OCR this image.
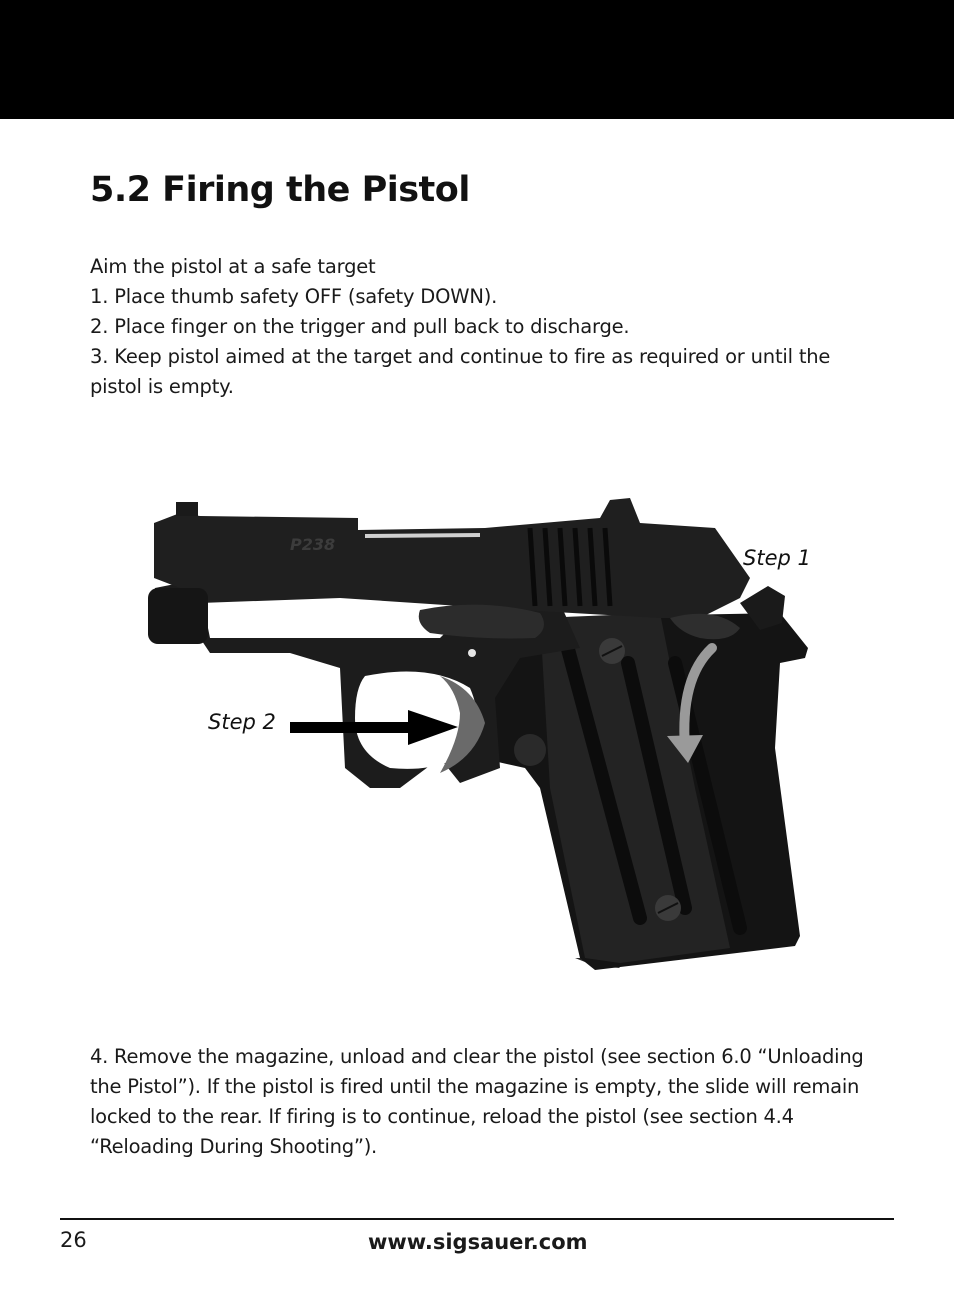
5.2 Firing the Pistol

Aim the pistol at a safe target

1. Place thumb safety OFF (safety DOWN).

2. Place finger on the trigger and pull back to discharge.

3. Keep pistol aimed at the target and continue to fire as required or until the pistol is empty.

P238
Step 1
Step 2

4. Remove the magazine, unload and clear the pistol (see section 6.0 “Unloading the Pistol”). If the pistol is fired until the magazine is empty, the slide will remain locked to the rear. If firing is to continue, reload the pistol (see section 4.4 “Reloading During Shooting”).

26	www.sigsauer.com
